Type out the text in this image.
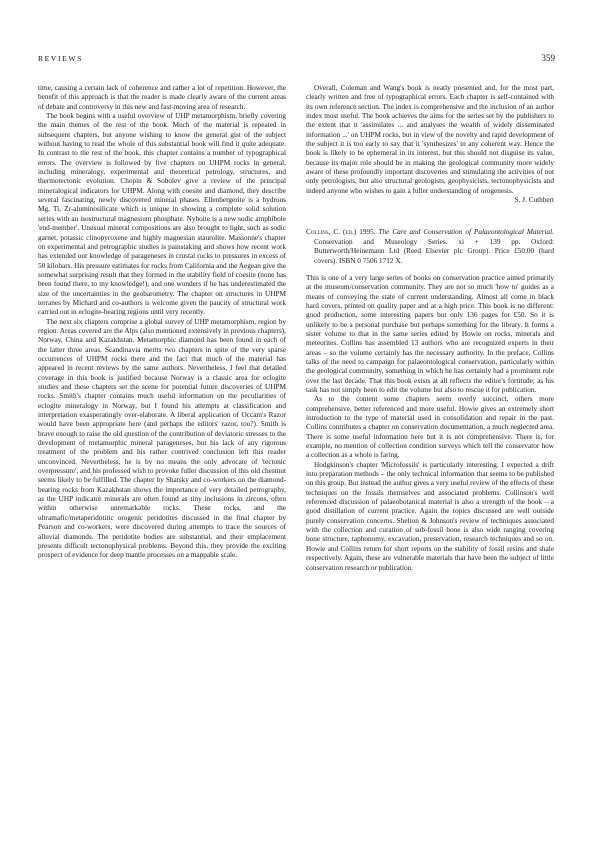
REVIEWS	359

time, causing a certain lack of coherence and rather a lot of repetition. However, the benefit of this approach is that the reader is made clearly aware of the current areas of debate and controversy in this new and fast-moving area of research.

The book begins with a useful overview of UHP metamorphism, briefly covering the main themes of the rest of the book. Much of the material is repeated in subsequent chapters, but anyone wishing to know the general gist of the subject without having to read the whole of this substantial book will find it quite adequate. In contrast to the rest of the book, this chapter contains a number of typographical errors. The overview is followed by five chapters on UHPM rocks in general, including mineralogy, experimental and theoretical petrology, structures, and thermotectonic evolution. Chopin & Sobolev give a review of the principal mineralogical indicators for UHPM. Along with coesite and diamond, they describe several fascinating, newly discovered mineral phases. Ellenbergerite is a hydrous Mg, Ti, Zr-aluminosilicate which is unique in showing a complete solid solution series with an isostructural magnesium phosphate. Nyboite is a new sodic amphibole 'end-member'. Unusual mineral compositions are also brought to light, such as sodic garnet, potassic clinopyroxene and highly magnesian staurolite. Massonne's chapter on experimental and petrographic studies is painstaking and shows how recent work has extended our knowledge of parageneses in crustal rocks to pressures in excess of 50 kilobars. His pressure estimates for rocks from California and the Aegean give the somewhat surprising result that they formed in the stability field of coesite (none has been found there, to my knowledge!), and one wonders if he has underestimated the size of the uncertainties in the geobarometry. The chapter on structures in UHPM terranes by Michard and co-authors is welcome given the paucity of structural work carried out in eclogite-bearing regions until very recently.

The next six chapters comprise a global survey of UHP metamorphism, region by region. Areas covered are the Alps (also mentioned extensively in previous chapters), Norway, China and Kazakhstan. Metamorphic diamond has been found in each of the latter three areas. Scandinavia merits two chapters in spite of the very sparse occurrences of UHPM rocks there and the fact that much of the material has appeared in recent reviews by the same authors. Nevertheless, I feel that detailed coverage in this book is justified because Norway is a classic area for eclogite studies and these chapters set the scene for potential future discoveries of UHPM rocks. Smith's chapter contains much useful information on the peculiarities of eclogite mineralogy in Norway, but I found his attempts at classification and interpretation exasperatingly over-elaborate. A liberal application of Occam's Razor would have been appropriate here (and perhaps the editors' razor, too?). Smith is brave enough to raise the old question of the contribution of deviatoric stresses to the development of metamorphic mineral parageneses, but his lack of any rigorous treatment of the problem and his rather contrived conclusion left this reader unconvinced. Nevertheless, he is by no means the only advocate of 'tectonic overpressure', and his professed wish to provoke fuller discussion of this old chestnut seems likely to be fulfilled. The chapter by Shatsky and co-workers on the diamond-bearing rocks from Kazakhstan shows the importance of very detailed petrography, as the UHP indicator minerals are often found as tiny inclusions in zircons, often within otherwise unremarkable rocks. These rocks, and the ultramafic/metaperidotitic orogenic peridotites discussed in the final chapter by Pearson and co-workers, were discovered during attempts to trace the sources of alluvial diamonds. The peridotite bodies are substantial, and their emplacement presents difficult tectonophysical problems. Beyond this, they provide the exciting prospect of evidence for deep mantle processes on a mappable scale.

Overall, Coleman and Wang's book is neatly presented and, for the most part, clearly written and free of typographical errors. Each chapter is self-contained with its own reference section. The index is comprehensive and the inclusion of an author index most useful. The book achieves the aims for the series set by the publishers to the extent that it 'assimilates ... and analyses the wealth of widely disseminated information ...' on UHPM rocks, but in view of the novelty and rapid development of the subject it is too early to say that it 'synthesizes' in any coherent way. Hence the book is likely to be ephemeral in its interest, but this should not disguise its value, because its major role should be in making the geological community more widely aware of these profoundly important discoveries and stimulating the activities of not only petrologists, but also structural geologists, geophysicists, tectonophysicists and indeed anyone who wishes to gain a fuller understanding of orogenesis.

S. J. Cuthbert
Collins, C. (ed.) 1995. The Care and Conservation of Palaeontological Material. Conservation and Museology Series. xi + 139 pp. Oxford: Butterworth/Heinemann Ltd (Reed Elsevier plc Group). Price £50.00 (hard covers). ISBN 0 7506 1712 X.

This is one of a very large series of books on conservation practice aimed primarily at the museum/conservation community. They are not so much 'how to' guides as a means of conveying the state of current understanding. Almost all come in black hard covers, printed on quality paper and at a high price. This book is no different: good production, some interesting papers but only 136 pages for £50. So it is unlikely to be a personal purchase but perhaps something for the library. It forms a sister volume to that in the same series edited by Howie on rocks, minerals and meteorites. Collins has assembled 13 authors who are recognized experts in their areas – so the volume certainly has the necessary authority. In the preface, Collins talks of the need to campaign for palaeontological conservation, particularly within the geological community, something in which he has certainly had a prominent role over the last decade. That this book exists at all reflects the editor's fortitude; as his task has not simply been to edit the volume but also to rescue it for publication.

As to the content some chapters seem overly succinct, others more comprehensive, better referenced and more useful. Howie gives an extremely short introduction to the type of material used in consolidation and repair in the past. Collins contributes a chapter on conservation documentation, a much neglected area. There is some useful information here but it is not comprehensive. There is, for example, no mention of collection condition surveys which tell the conservator how a collection as a whole is faring.

Hodgkinson's chapter 'Microfossils' is particularly interesting. I expected a drift into preparation methods – the only technical information that seems to be published on this group. But instead the author gives a very useful review of the effects of these techniques on the fossils themselves and associated problems. Collinson's well referenced discussion of palaeobotanical material is also a strength of the book – a good distillation of current practice. Again the topics discussed are well outside purely conservation concerns. Shelton & Johnson's review of techniques associated with the collection and curation of sub-fossil bone is also wide ranging covering bone structure, taphonomy, excavation, preservation, research techniques and so on. Howie and Collins return for short reports on the stability of fossil resins and shale respectively. Again, these are vulnerable materials that have been the subject of little conservation research or publication.
